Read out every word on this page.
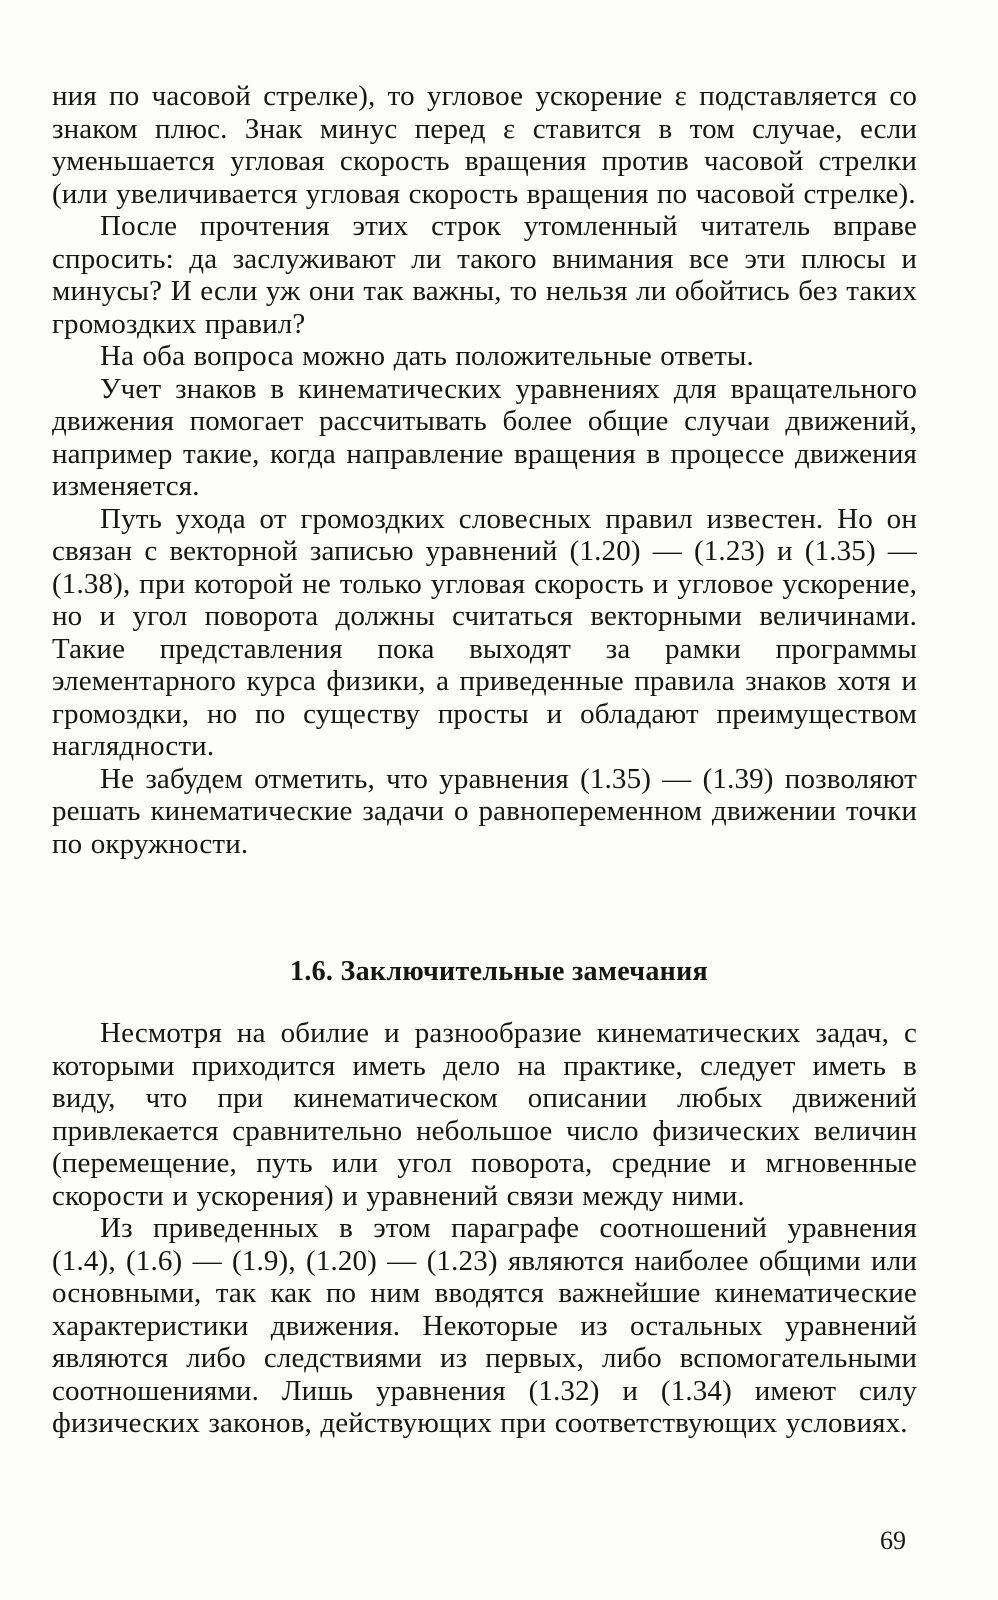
ния по часовой стрелке), то угловое ускорение ε подставляется со знаком плюс. Знак минус перед ε ставится в том случае, если уменьшается угловая скорость вращения против часовой стрелки (или увеличивается угловая скорость вращения по часовой стрелке).

После прочтения этих строк утомленный читатель вправе спросить: да заслуживают ли такого внимания все эти плюсы и минусы? И если уж они так важны, то нельзя ли обойтись без таких громоздких правил?

На оба вопроса можно дать положительные ответы.

Учет знаков в кинематических уравнениях для вращательного движения помогает рассчитывать более общие случаи движений, например такие, когда направление вращения в процессе движения изменяется.

Путь ухода от громоздких словесных правил известен. Но он связан с векторной записью уравнений (1.20) — (1.23) и (1.35) — (1.38), при которой не только угловая скорость и угловое ускорение, но и угол поворота должны считаться векторными величинами. Такие представления пока выходят за рамки программы элементарного курса физики, а приведенные правила знаков хотя и громоздки, но по существу просты и обладают преимуществом наглядности.

Не забудем отметить, что уравнения (1.35) — (1.39) позволяют решать кинематические задачи о равнопеременном движении точки по окружности.

1.6. Заключительные замечания

Несмотря на обилие и разнообразие кинематических задач, с которыми приходится иметь дело на практике, следует иметь в виду, что при кинематическом описании любых движений привлекается сравнительно небольшое число физических величин (перемещение, путь или угол поворота, средние и мгновенные скорости и ускорения) и уравнений связи между ними.

Из приведенных в этом параграфе соотношений уравнения (1.4), (1.6) — (1.9), (1.20) — (1.23) являются наиболее общими или основными, так как по ним вводятся важнейшие кинематические характеристики движения. Некоторые из остальных уравнений являются либо следствиями из первых, либо вспомогательными соотношениями. Лишь уравнения (1.32) и (1.34) имеют силу физических законов, действующих при соответствующих условиях.

69
